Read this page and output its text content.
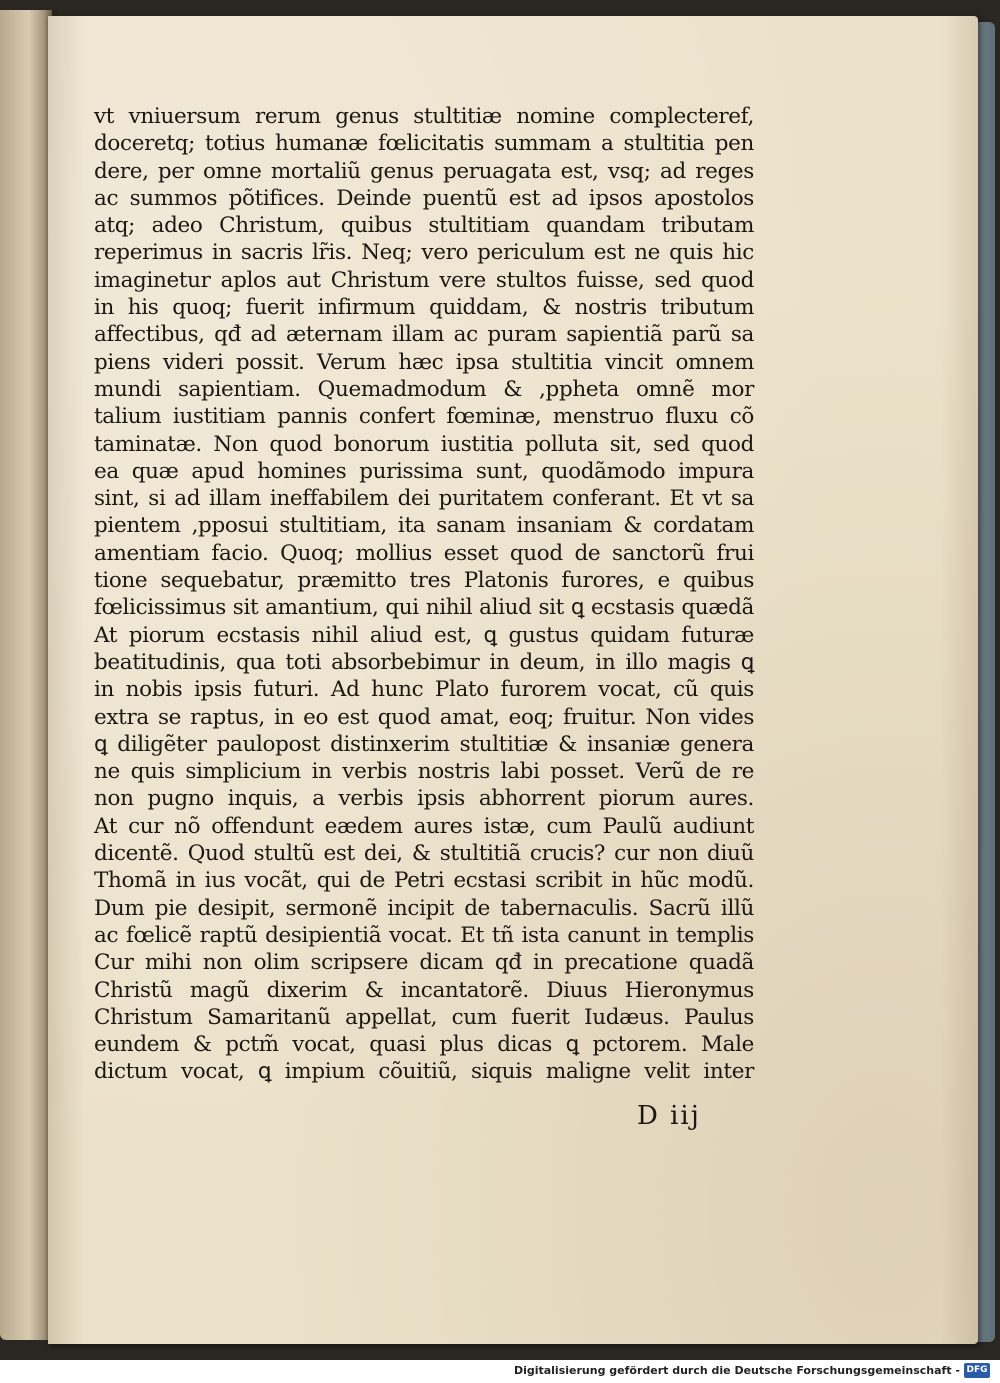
vt vniuersum rerum genus stultitiæ nomine complecteref,
doceretq; totius humanæ fœlicitatis summam a stultitia pen
dere, per omne mortaliũ genus peruagata est, vsq; ad reges
ac summos põtifices. Deinde puentũ est ad ipsos apostolos
atq; adeo Christum, quibus stultitiam quandam tributam
reperimus in sacris lr̃is. Neq; vero periculum est ne quis hic
imaginetur aplos aut Christum vere stultos fuisse, sed quod
in his quoq; fuerit infirmum quiddam, & nostris tributum
affectibus, qđ ad æternam illam ac puram sapientiã parũ sa
piens videri possit. Verum hæc ipsa stultitia vincit omnem
mundi sapientiam. Quemadmodum & ,ppheta omnẽ mor
talium iustitiam pannis confert fœminæ, menstruo fluxu cõ
taminatæ. Non quod bonorum iustitia polluta sit, sed quod
ea quæ apud homines purissima sunt, quodãmodo impura
sint, si ad illam ineffabilem dei puritatem conferant. Et vt sa
pientem ,pposui stultitiam, ita sanam insaniam & cordatam
amentiam facio. Quoq; mollius esset quod de sanctorũ frui
tione sequebatur, præmitto tres Platonis furores, e quibus
fœlicissimus sit amantium, qui nihil aliud sit ꝗ ecstasis quædã
At piorum ecstasis nihil aliud est, ꝗ gustus quidam futuræ
beatitudinis, qua toti absorbebimur in deum, in illo magis ꝗ
in nobis ipsis futuri. Ad hunc Plato furorem vocat, cũ quis
extra se raptus, in eo est quod amat, eoq; fruitur. Non vides
ꝗ diligẽter paulopost distinxerim stultitiæ & insaniæ genera
ne quis simplicium in verbis nostris labi posset. Verũ de re
non pugno inquis, a verbis ipsis abhorrent piorum aures.
At cur nõ offendunt eædem aures istæ, cum Paulũ audiunt
dicentẽ. Quod stultũ est dei, & stultitiã crucis? cur non diuũ
Thomã in ius vocãt, qui de Petri ecstasi scribit in hũc modũ.
Dum pie desipit, sermonẽ incipit de tabernaculis. Sacrũ illũ
ac fœlicẽ raptũ desipientiã vocat. Et tñ ista canunt in templis
Cur mihi non olim scripsere dicam qđ in precatione quadã
Christũ magũ dixerim & incantatorẽ. Diuus Hieronymus
Christum Samaritanũ appellat, cum fuerit Iudæus. Paulus
eundem & pctm̃ vocat, quasi plus dicas ꝗ pctorem. Male
dictum vocat, ꝗ impium cõuitiũ, siquis maligne velit inter
D iij
Digitalisierung gefördert durch die Deutsche Forschungsgemeinschaft - DFG
